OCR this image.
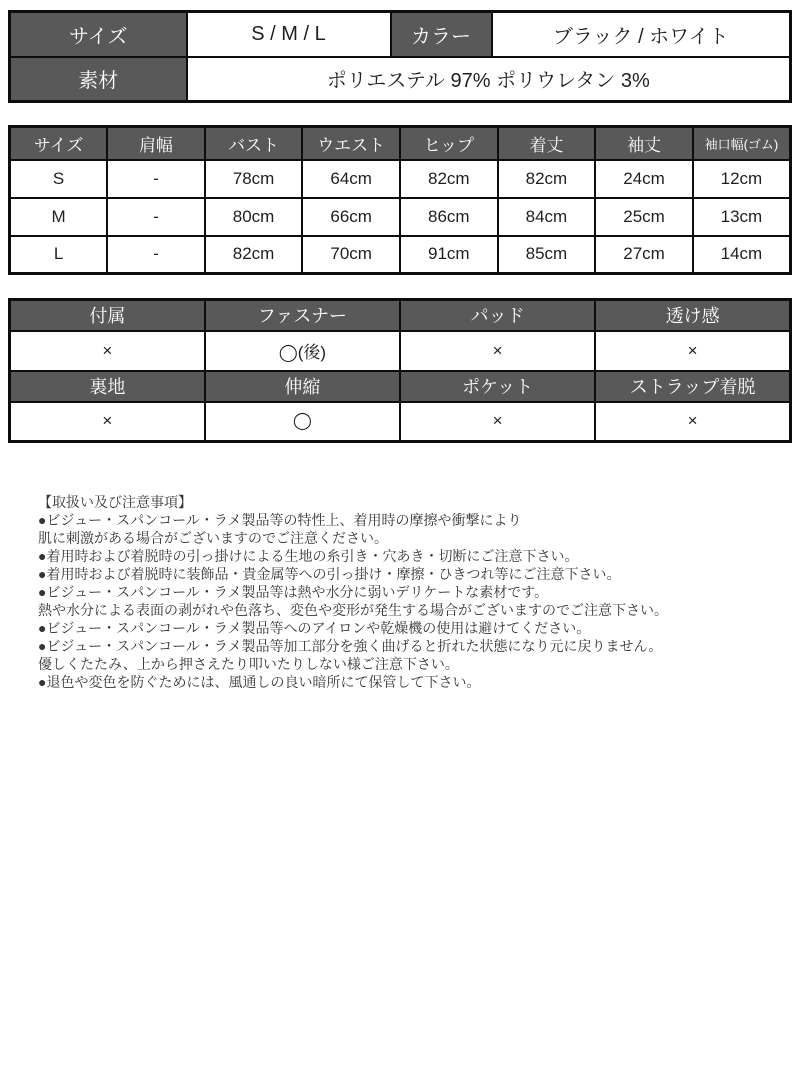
サイズ	S / M / L	カラー	ブラック / ホワイト
素材	ポリエステル 97% ポリウレタン 3%		
サイズ	肩幅	バスト	ウエスト	ヒップ	着丈	袖丈	袖口幅(ゴム)
S	-	78cm	64cm	82cm	82cm	24cm	12cm
M	-	80cm	66cm	86cm	84cm	25cm	13cm
L	-	82cm	70cm	91cm	85cm	27cm	14cm
付属	ファスナー	パッド	透け感
×	◯(後)	×	×
裏地	伸縮	ポケット	ストラップ着脱
×	◯	×	×
【取扱い及び注意事項】
●ビジュー・スパンコール・ラメ製品等の特性上、着用時の摩擦や衝撃により
肌に刺激がある場合がございますのでご注意ください。
●着用時および着脱時の引っ掛けによる生地の糸引き・穴あき・切断にご注意下さい。
●着用時および着脱時に装飾品・貴金属等への引っ掛け・摩擦・ひきつれ等にご注意下さい。
●ビジュー・スパンコール・ラメ製品等は熱や水分に弱いデリケートな素材です。
熱や水分による表面の剥がれや色落ち、変色や変形が発生する場合がございますのでご注意下さい。
●ビジュー・スパンコール・ラメ製品等へのアイロンや乾燥機の使用は避けてください。
●ビジュー・スパンコール・ラメ製品等加工部分を強く曲げると折れた状態になり元に戻りません。
優しくたたみ、上から押さえたり叩いたりしない様ご注意下さい。
●退色や変色を防ぐためには、風通しの良い暗所にて保管して下さい。
